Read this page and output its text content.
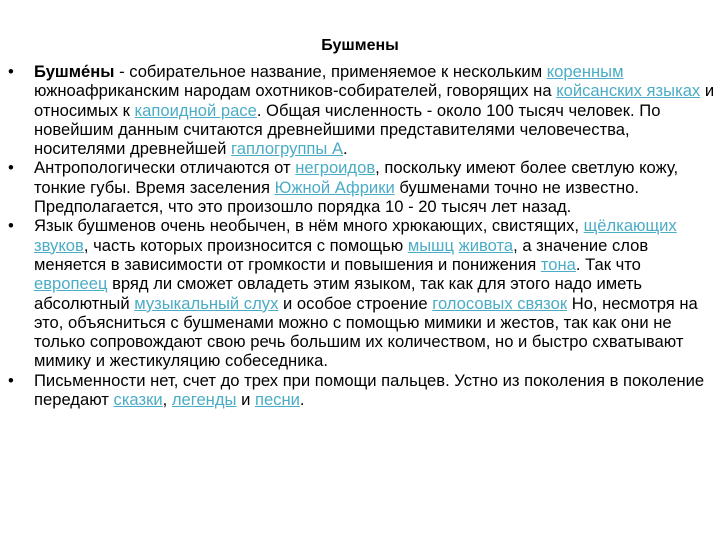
Бушмены
• Бушме́ны - собирательное название, применяемое к нескольким коренным южноафриканским народам охотников-собирателей, говорящих на койсанских языках и относимых к капоидной расе. Общая численность - около 100 тысяч человек. По новейшим данным считаются древнейшими представителями человечества, носителями древнейшей гаплогруппы А.
• Антропологически отличаются от негроидов, поскольку имеют более светлую кожу, тонкие губы. Время заселения Южной Африки бушменами точно не известно. Предполагается, что это произошло порядка 10 - 20 тысяч лет назад.
• Язык бушменов очень необычен, в нём много хрюкающих, свистящих, щёлкающих звуков, часть которых произносится с помощью мышц живота, а значение слов меняется в зависимости от громкости и повышения и понижения тона. Так что европеец вряд ли сможет овладеть этим языком, так как для этого надо иметь абсолютный музыкальный слух и особое строение голосовых связок Но, несмотря на это, объясниться с бушменами можно с помощью мимики и жестов, так как они не только сопровождают свою речь большим их количеством, но и быстро схватывают мимику и жестикуляцию собеседника.
• Письменности нет, счет до трех при помощи пальцев. Устно из поколения в поколение передают сказки, легенды и песни.
